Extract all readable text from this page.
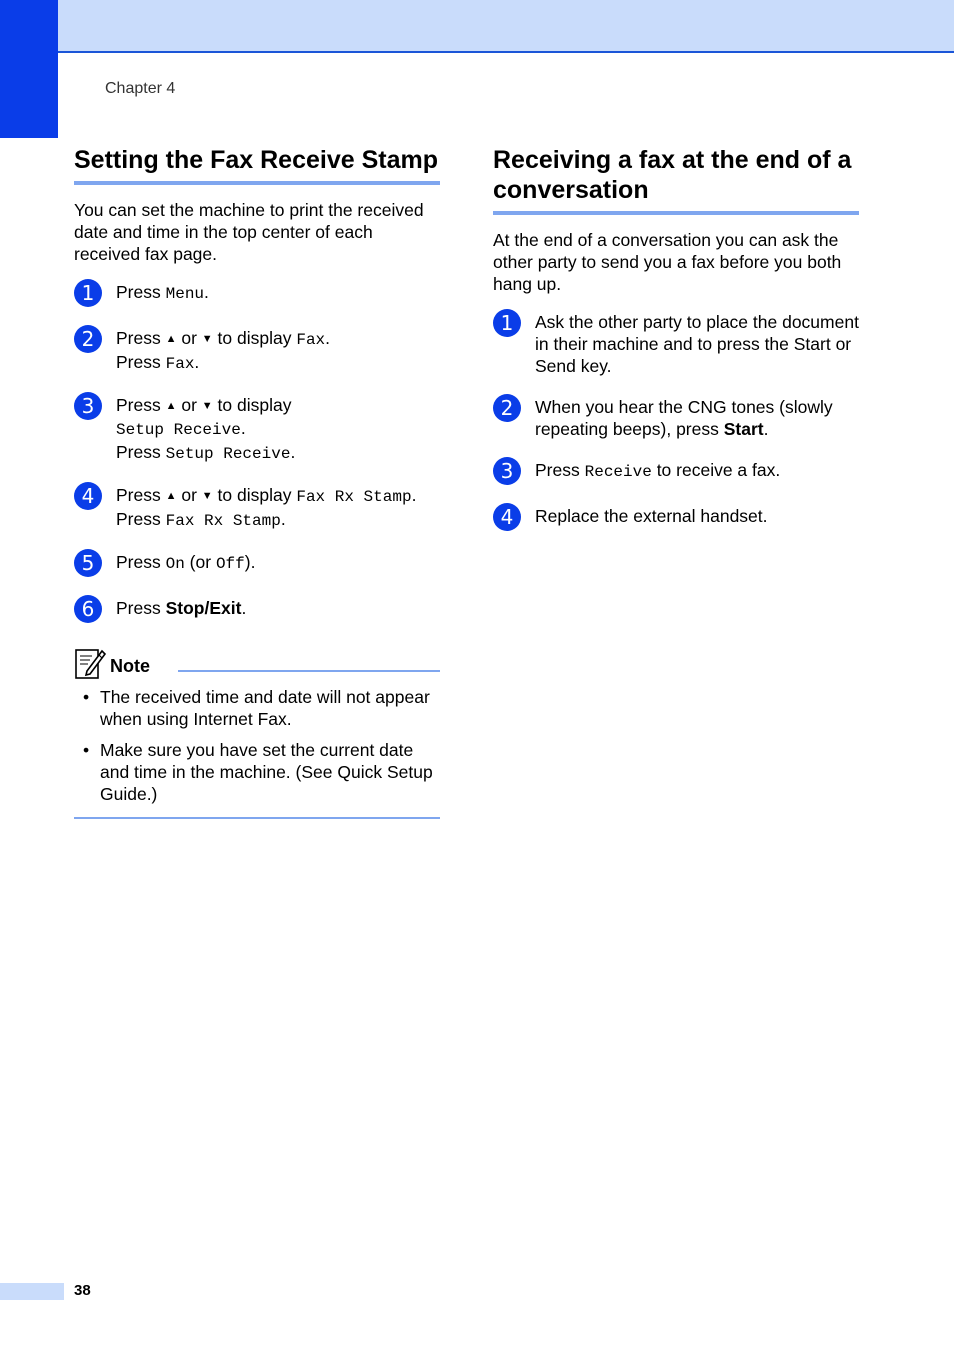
Chapter 4
Setting the Fax Receive Stamp

You can set the machine to print the received date and time in the top center of each received fax page.

1	Press Menu.
2	Press ▲ or ▼ to display Fax.
Press Fax.
3	Press ▲ or ▼ to display
Setup Receive.
Press Setup Receive.
4	Press ▲ or ▼ to display Fax Rx Stamp.
Press Fax Rx Stamp.
5	Press On (or Off).
6	Press Stop/Exit.
Note
• The received time and date will not appear when using Internet Fax.
• Make sure you have set the current date and time in the machine. (See Quick Setup Guide.)
Receiving a fax at the end of a conversation

At the end of a conversation you can ask the other party to send you a fax before you both hang up.

1	Ask the other party to place the document in their machine and to press the Start or Send key.
2	When you hear the CNG tones (slowly repeating beeps), press Start.
3	Press Receive to receive a fax.
4	Replace the external handset.
38
